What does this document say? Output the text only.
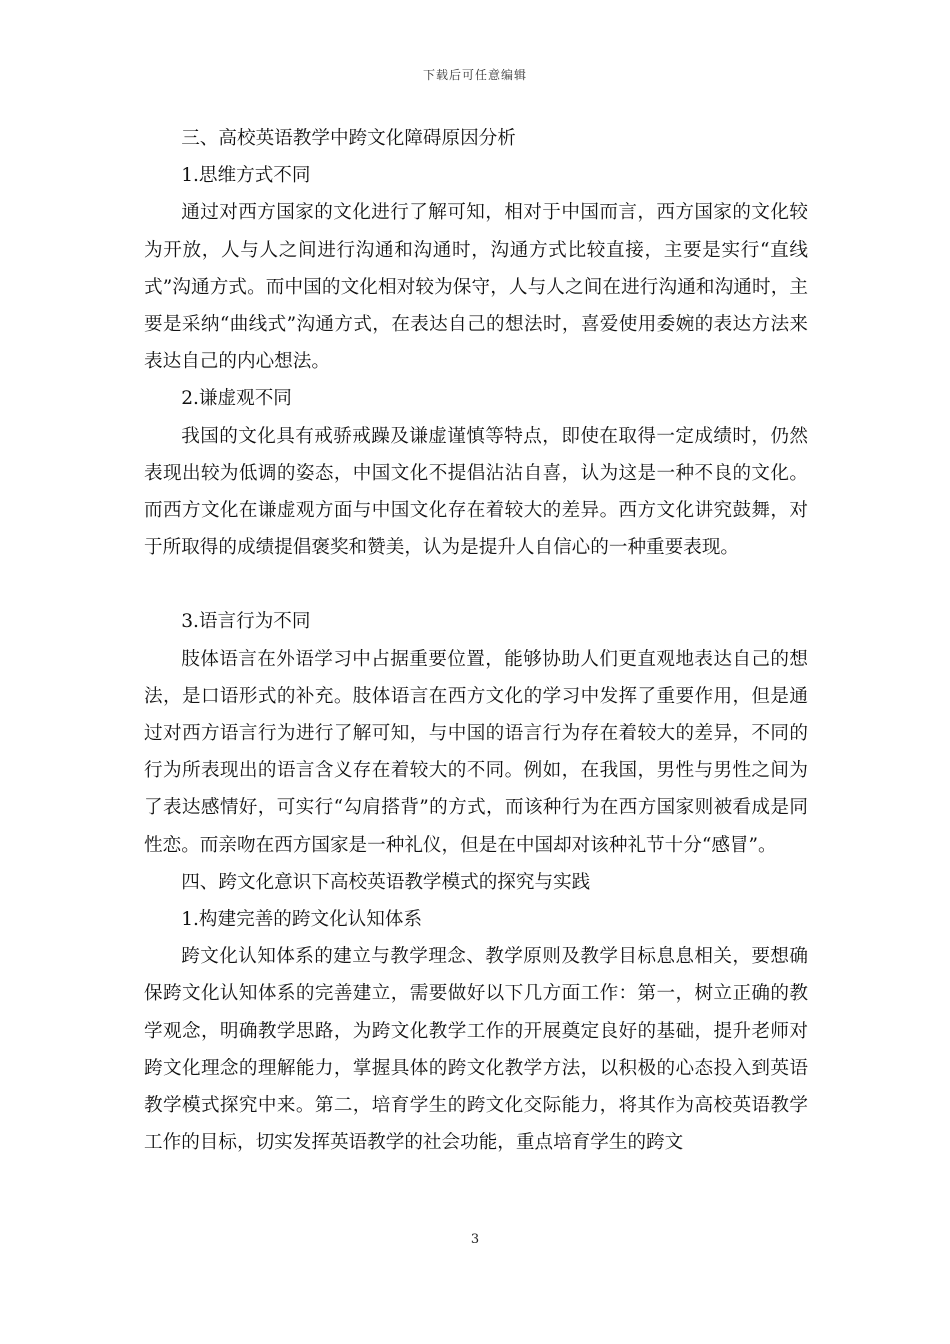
下载后可任意编辑

三、高校英语教学中跨文化障碍原因分析

1.思维方式不同

通过对西方国家的文化进行了解可知，相对于中国而言，西方国家的文化较为开放，人与人之间进行沟通和沟通时，沟通方式比较直接，主要是实行“直线式”沟通方式。而中国的文化相对较为保守，人与人之间在进行沟通和沟通时，主要是采纳“曲线式”沟通方式，在表达自己的想法时，喜爱使用委婉的表达方法来表达自己的内心想法。

2.谦虚观不同

我国的文化具有戒骄戒躁及谦虚谨慎等特点，即使在取得一定成绩时，仍然表现出较为低调的姿态，中国文化不提倡沾沾自喜，认为这是一种不良的文化。而西方文化在谦虚观方面与中国文化存在着较大的差异。西方文化讲究鼓舞，对于所取得的成绩提倡褒奖和赞美，认为是提升人自信心的一种重要表现。

3.语言行为不同

肢体语言在外语学习中占据重要位置，能够协助人们更直观地表达自己的想法，是口语形式的补充。肢体语言在西方文化的学习中发挥了重要作用，但是通过对西方语言行为进行了解可知，与中国的语言行为存在着较大的差异，不同的行为所表现出的语言含义存在着较大的不同。例如，在我国，男性与男性之间为了表达感情好，可实行“勾肩搭背”的方式，而该种行为在西方国家则被看成是同性恋。而亲吻在西方国家是一种礼仪，但是在中国却对该种礼节十分“感冒”。

四、跨文化意识下高校英语教学模式的探究与实践

1.构建完善的跨文化认知体系

跨文化认知体系的建立与教学理念、教学原则及教学目标息息相关，要想确保跨文化认知体系的完善建立，需要做好以下几方面工作：第一，树立正确的教学观念，明确教学思路，为跨文化教学工作的开展奠定良好的基础，提升老师对跨文化理念的理解能力，掌握具体的跨文化教学方法，以积极的心态投入到英语教学模式探究中来。第二，培育学生的跨文化交际能力，将其作为高校英语教学工作的目标，切实发挥英语教学的社会功能，重点培育学生的跨文

3
